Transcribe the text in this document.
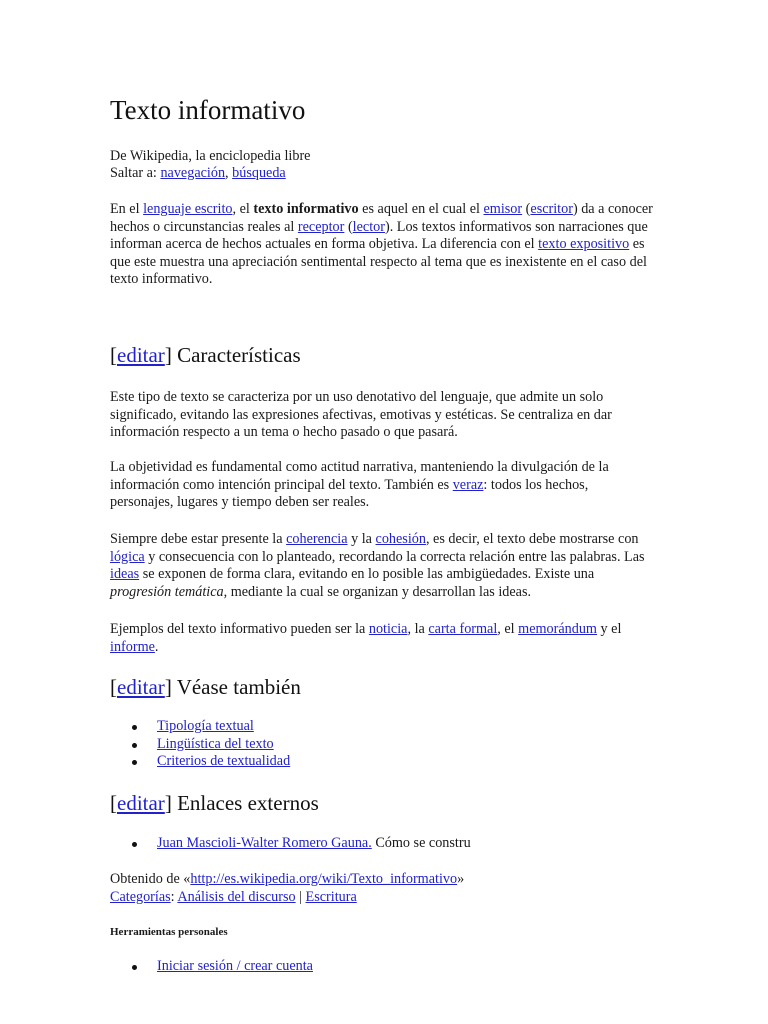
Texto informativo
De Wikipedia, la enciclopedia libre
Saltar a: navegación, búsqueda

En el lenguaje escrito, el texto informativo es aquel en el cual el emisor (escritor) da a conocer hechos o circunstancias reales al receptor (lector). Los textos informativos son narraciones que informan acerca de hechos actuales en forma objetiva. La diferencia con el texto expositivo es que este muestra una apreciación sentimental respecto al tema que es inexistente en el caso del texto informativo.

[editar] Características

Este tipo de texto se caracteriza por un uso denotativo del lenguaje, que admite un solo significado, evitando las expresiones afectivas, emotivas y estéticas. Se centraliza en dar información respecto a un tema o hecho pasado o que pasará.

La objetividad es fundamental como actitud narrativa, manteniendo la divulgación de la información como intención principal del texto. También es veraz: todos los hechos, personajes, lugares y tiempo deben ser reales.

Siempre debe estar presente la coherencia y la cohesión, es decir, el texto debe mostrarse con lógica y consecuencia con lo planteado, recordando la correcta relación entre las palabras. Las ideas se exponen de forma clara, evitando en lo posible las ambigüedades. Existe una progresión temática, mediante la cual se organizan y desarrollan las ideas.

Ejemplos del texto informativo pueden ser la noticia, la carta formal, el memorándum y el informe.

[editar] Véase también
Tipología textual
Lingüística del texto
Criterios de textualidad
[editar] Enlaces externos
Juan Mascioli-Walter Romero Gauna. Cómo se constru
Obtenido de «http://es.wikipedia.org/wiki/Texto_informativo»
Categorías: Análisis del discurso | Escritura
Herramientas personales
Iniciar sesión / crear cuenta
